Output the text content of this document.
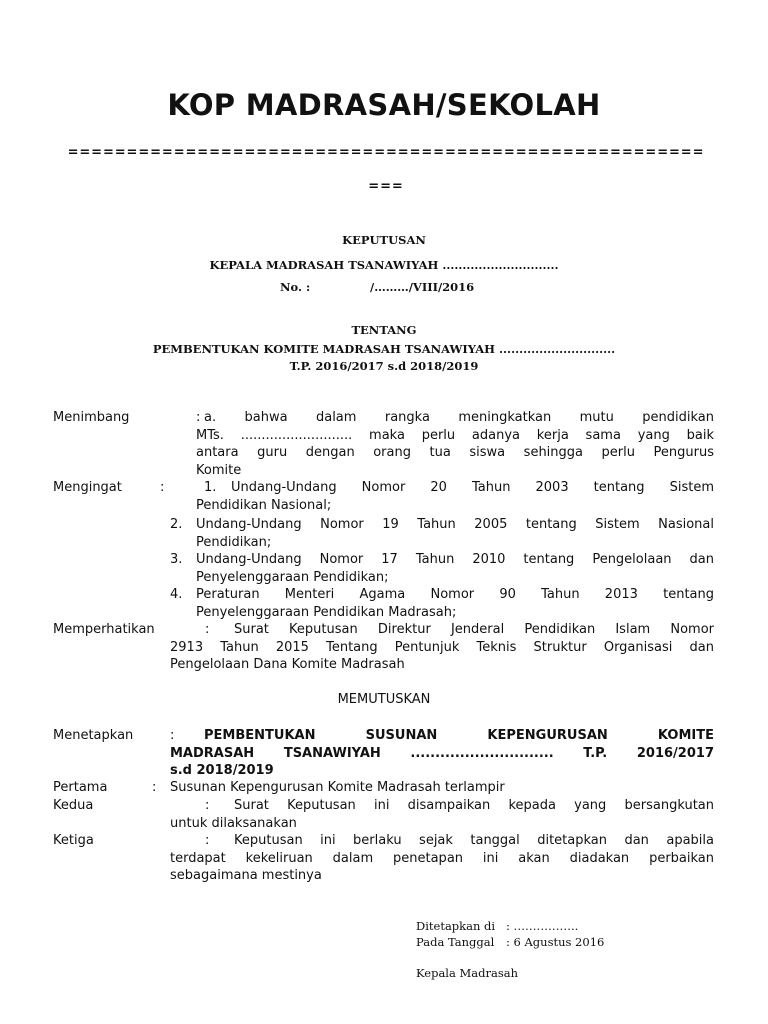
KOP MADRASAH/SEKOLAH

======================================================

===

KEPUTUSAN
KEPALA MADRASAH TSANAWIYAH .............................
No. :	/………/VIII/2016
TENTANG
PEMBENTUKAN KOMITE MADRASAH TSANAWIYAH .............................
T.P. 2016/2017 s.d 2018/2019
Menimbang	: a. bahwa dalam rangka meningkatkan mutu pendidikan
MTs. ........................... maka perlu adanya kerja sama yang baik
antara guru dengan orang tua siswa sehingga perlu Pengurus
Komite
Mengingat	:	1. Undang-Undang Nomor 20 Tahun 2003 tentang Sistem
Pendidikan Nasional;
2. Undang-Undang Nomor 19 Tahun 2005 tentang Sistem Nasional
Pendidikan;
3. Undang-Undang Nomor 17 Tahun 2010 tentang Pengelolaan dan
Penyelenggaraan Pendidikan;
4. Peraturan Menteri Agama Nomor 90 Tahun 2013 tentang
Penyelenggaraan Pendidikan Madrasah;
Memperhatikan	: Surat Keputusan Direktur Jenderal Pendidikan Islam Nomor
2913 Tahun 2015 Tentang Pentunjuk Teknis Struktur Organisasi dan
Pengelolaan Dana Komite Madrasah
MEMUTUSKAN
Menetapkan	: PEMBENTUKAN SUSUNAN KEPENGURUSAN KOMITE
MADRASAH TSANAWIYAH ............................. T.P. 2016/2017
s.d 2018/2019
Pertama	: Susunan Kepengurusan Komite Madrasah terlampir
Kedua	: Surat Keputusan ini disampaikan kepada yang bersangkutan
untuk dilaksanakan
Ketiga	: Keputusan ini berlaku sejak tanggal ditetapkan dan apabila
terdapat kekeliruan dalam penetapan ini akan diadakan perbaikan
sebagaimana mestinya
Ditetapkan di : ……………..
Pada Tanggal : 6 Agustus 2016
Kepala Madrasah
